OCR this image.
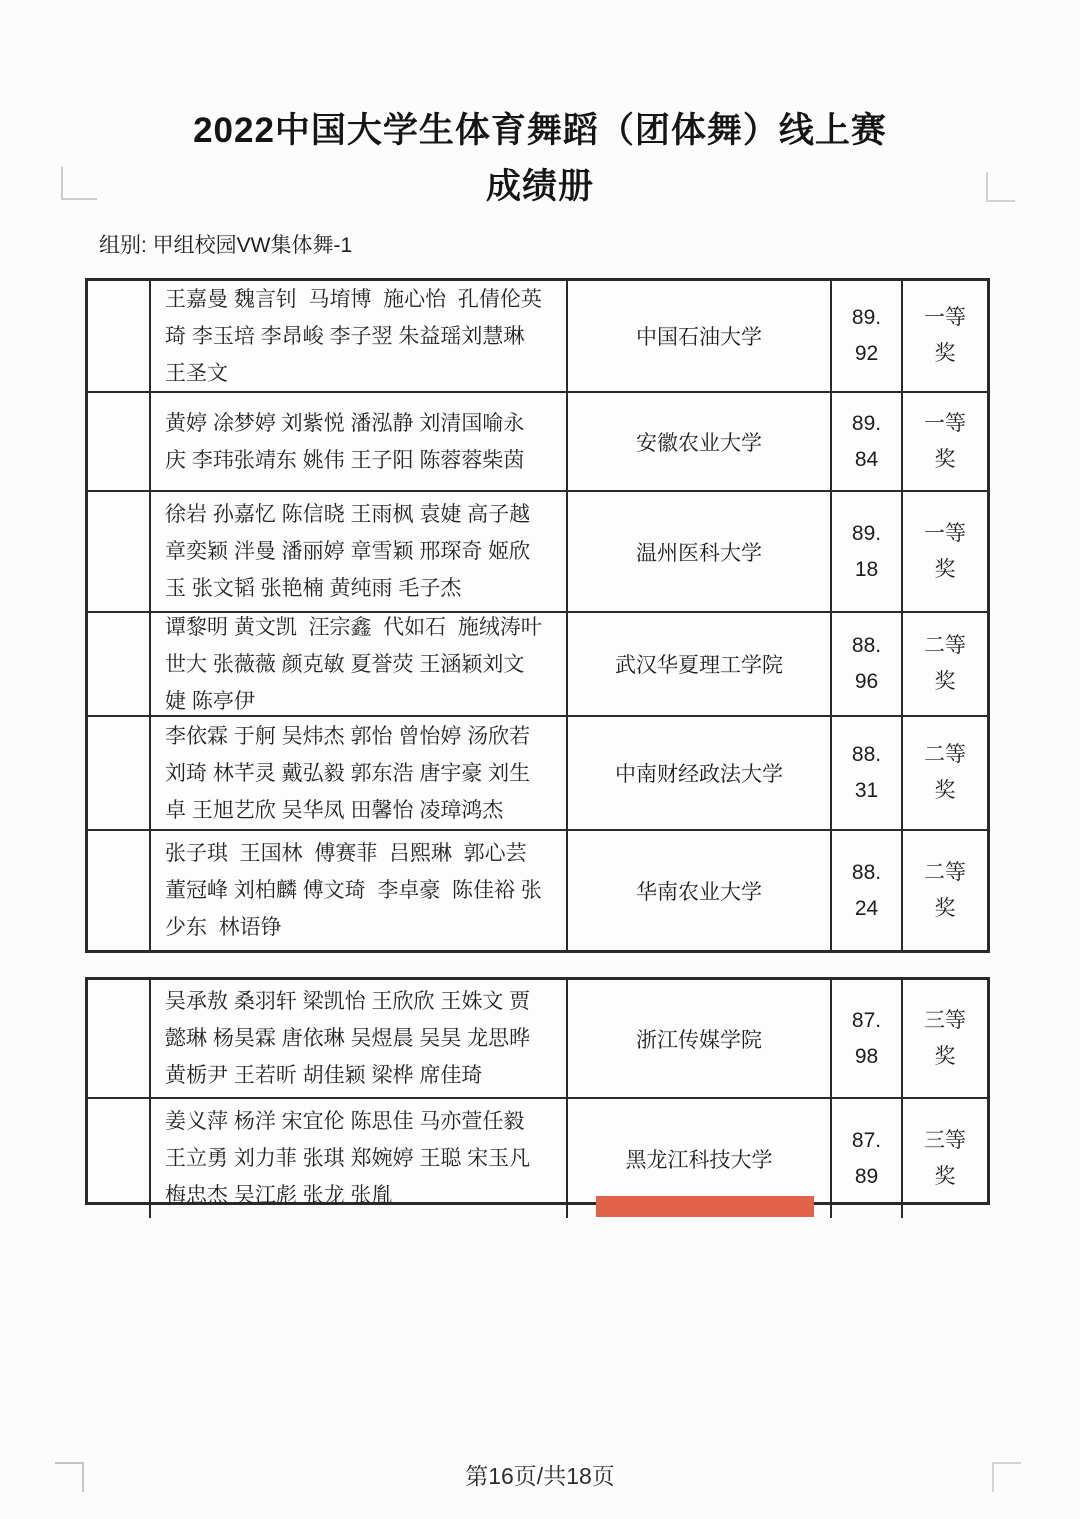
2022中国大学生体育舞蹈（团体舞）线上赛
成绩册
组别: 甲组校园VW集体舞-1
王嘉曼 魏言钊  马堉博  施心怡  孔倩伦英琦 李玉培 李昂峻 李子翌 朱益瑶刘慧琳 王圣文
中国石油大学
89.92
一等奖
黄婷 凃梦婷 刘紫悦 潘泓静 刘清国喻永庆 李玮张靖东 姚伟 王子阳 陈蓉蓉柴茵
安徽农业大学
89.84
一等奖
徐岩 孙嘉忆 陈信晓 王雨枫 袁婕 高子越章奕颖 泮曼 潘丽婷 章雪颖 邢琛奇 姬欣玉 张文韬 张艳楠 黄纯雨 毛子杰
温州医科大学
89.18
一等奖
谭黎明 黄文凯  汪宗鑫  代如石  施绒涛叶世大 张薇薇 颜克敏 夏誉荧 王涵颖刘文婕 陈亭伊
武汉华夏理工学院
88.96
二等奖
李依霖 于舸 吴炜杰 郭怡 曾怡婷 汤欣若刘琦 林芊灵 戴弘毅 郭东浩 唐宇豪 刘生卓 王旭艺欣 吴华凤 田馨怡 凌璋鸿杰
中南财经政法大学
88.31
二等奖
张子琪  王国林  傅赛菲  吕熙琳  郭心芸董冠峰 刘柏麟 傅文琦  李卓豪  陈佳裕 张少东  林语铮
华南农业大学
88.24
二等奖
吴承敖 桑羽轩 梁凯怡 王欣欣 王姝文 贾懿琳 杨昊霖 唐依琳 吴煜晨 吴昊 龙思晔 黄栃尹 王若昕 胡佳颖 梁桦 席佳琦
浙江传媒学院
87.98
三等奖
姜义萍 杨洋 宋宜伦 陈思佳 马亦萱任毅 王立勇 刘力菲 张琪 郑婉婷 王聪 宋玉凡 梅忠杰 吴江彪 张龙 张胤
黑龙江科技大学
87.89
三等奖
第16页/共18页
